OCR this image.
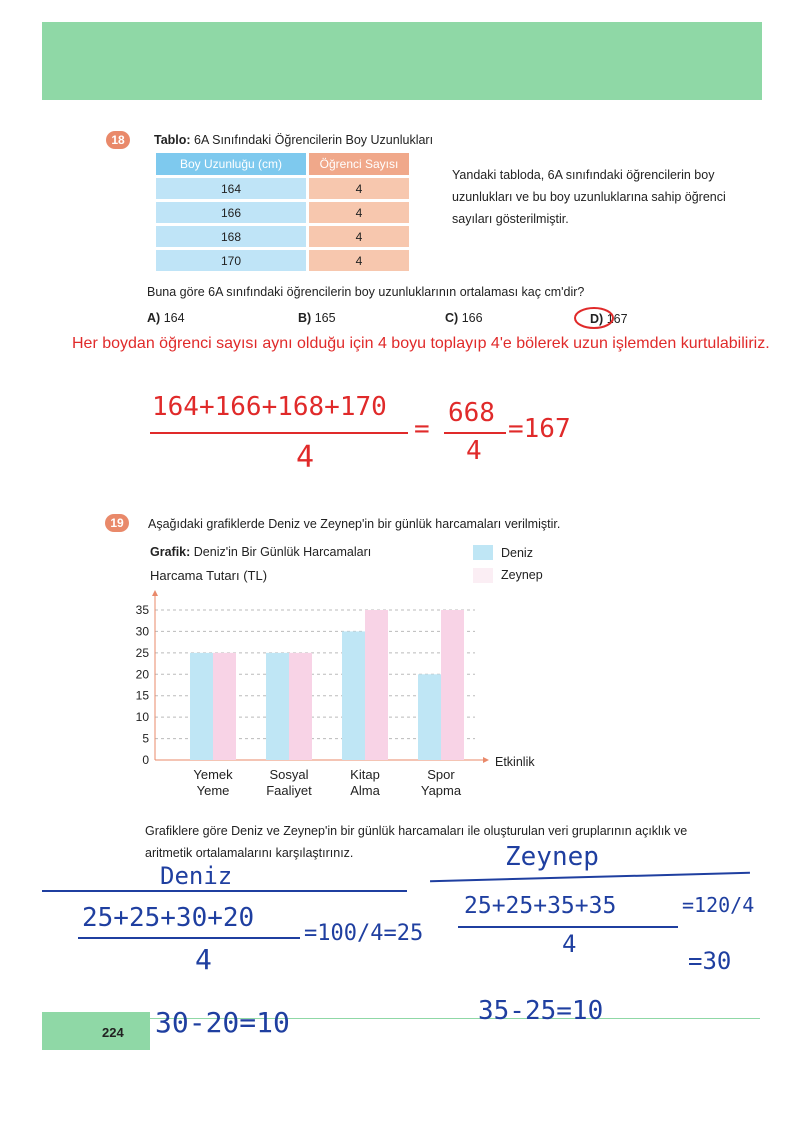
18	Tablo: 6A Sınıfındaki Öğrencilerin Boy Uzunlukları
Boy Uzunluğu (cm)	Öğrenci Sayısı
164	4
166	4
168	4
170	4
Yandaki tabloda, 6A sınıfındaki öğrencilerin boy uzunlukları ve bu boy uzunluklarına sahip öğrenci sayıları gösterilmiştir.
Buna göre 6A sınıfındaki öğrencilerin boy uzunluklarının ortalaması kaç cm'dir?
A) 164	B) 165	C) 166	D) 167
Her boydan öğrenci sayısı aynı olduğu için 4 boyu toplayıp 4'e bölerek uzun işlemden kurtulabiliriz.
164+166+168+170
4
=
668
4
=167
19	Aşağıdaki grafiklerde Deniz ve Zeynep'in bir günlük harcamaları verilmiştir.
Grafik: Deniz'in Bir Günlük Harcamaları
Harcama Tutarı (TL)
Deniz
Zeynep
0
5
10
15
20
25
30
35
Etkinlik
Yemek
Yeme
Sosyal
Faaliyet
Kitap
Alma
Spor
Yapma
Grafiklere göre Deniz ve Zeynep'in bir günlük harcamaları ile oluşturulan veri gruplarının açıklık ve aritmetik ortalamalarını karşılaştırınız.
Deniz
25+25+30+20
4
=100/4=25
Zeynep
25+25+35+35
4
=120/4
=30
224 30-20=10	35-25=10
